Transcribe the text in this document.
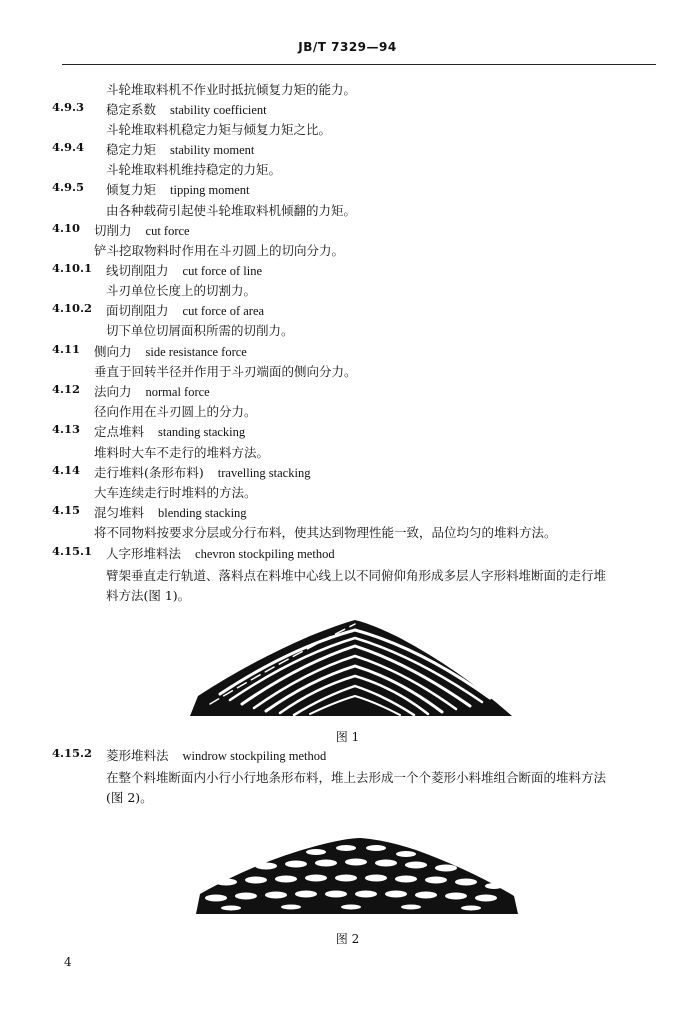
JB/T 7329—94
斗轮堆取料机不作业时抵抗倾复力矩的能力。
4.9.3 稳定系数 stability coefficient
斗轮堆取料机稳定力矩与倾复力矩之比。
4.9.4 稳定力矩 stability moment
斗轮堆取料机维持稳定的力矩。
4.9.5 倾复力矩 tipping moment
由各种载荷引起使斗轮堆取料机倾翻的力矩。
4.10 切削力 cut force
铲斗挖取物料时作用在斗刃圆上的切向分力。
4.10.1 线切削阻力 cut force of line
斗刃单位长度上的切割力。
4.10.2 面切削阻力 cut force of area
切下单位切屑面积所需的切削力。
4.11 侧向力 side resistance force
垂直于回转半径并作用于斗刃端面的侧向分力。
4.12 法向力 normal force
径向作用在斗刃圆上的分力。
4.13 定点堆料 standing stacking
堆料时大车不走行的堆料方法。
4.14 走行堆料(条形布料) travelling stacking
大车连续走行时堆料的方法。
4.15 混匀堆料 blending stacking
将不同物料按要求分层或分行布料，使其达到物理性能一致，品位均匀的堆料方法。
4.15.1 人字形堆料法 chevron stockpiling method
臂架垂直走行轨道、落料点在料堆中心线上以不同俯仰角形成多层人字形料堆断面的走行堆
料方法(图 1)。
图 1
4.15.2 菱形堆料法 windrow stockpiling method
在整个料堆断面内小行小行地条形布料，堆上去形成一个个菱形小料堆组合断面的堆料方法
(图 2)。
图 2
4
